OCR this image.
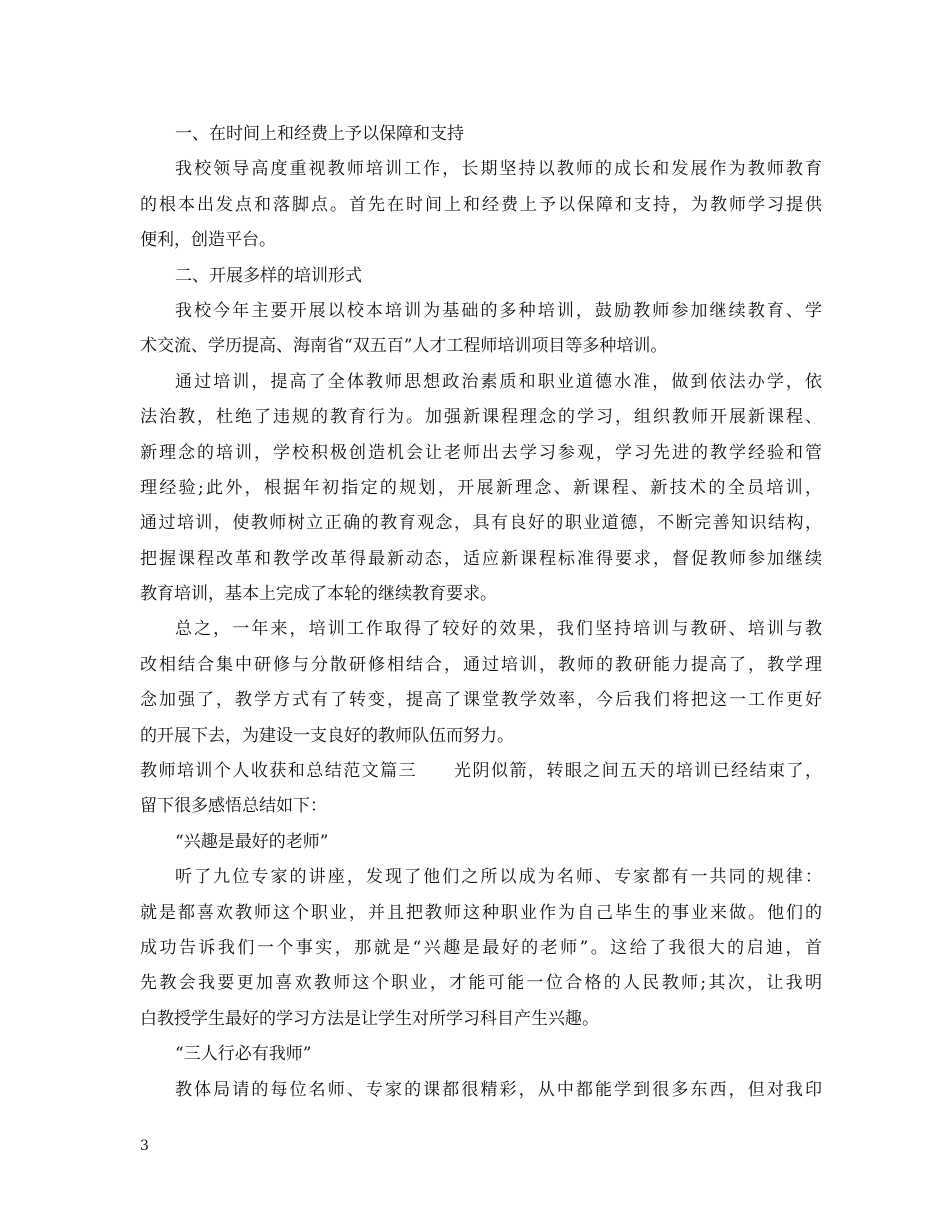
一、在时间上和经费上予以保障和支持
我校领导高度重视教师培训工作，长期坚持以教师的成长和发展作为教师教育
的根本出发点和落脚点。首先在时间上和经费上予以保障和支持，为教师学习提供
便利，创造平台。
二、开展多样的培训形式
我校今年主要开展以校本培训为基础的多种培训，鼓励教师参加继续教育、学
术交流、学历提高、海南省“双五百”人才工程师培训项目等多种培训。
通过培训，提高了全体教师思想政治素质和职业道德水准，做到依法办学，依
法治教，杜绝了违规的教育行为。加强新课程理念的学习，组织教师开展新课程、
新理念的培训，学校积极创造机会让老师出去学习参观，学习先进的教学经验和管
理经验;此外，根据年初指定的规划，开展新理念、新课程、新技术的全员培训，
通过培训，使教师树立正确的教育观念，具有良好的职业道德，不断完善知识结构，
把握课程改革和教学改革得最新动态，适应新课程标准得要求，督促教师参加继续
教育培训，基本上完成了本轮的继续教育要求。
总之，一年来，培训工作取得了较好的效果，我们坚持培训与教研、培训与教
改相结合集中研修与分散研修相结合，通过培训，教师的教研能力提高了，教学理
念加强了，教学方式有了转变，提高了课堂教学效率，今后我们将把这一工作更好
的开展下去，为建设一支良好的教师队伍而努力。
教师培训个人收获和总结范文篇三　　光阴似箭，转眼之间五天的培训已经结束了，
留下很多感悟总结如下：
“兴趣是最好的老师”
听了九位专家的讲座，发现了他们之所以成为名师、专家都有一共同的规律：
就是都喜欢教师这个职业，并且把教师这种职业作为自己毕生的事业来做。他们的
成功告诉我们一个事实，那就是“兴趣是最好的老师”。这给了我很大的启迪，首
先教会我要更加喜欢教师这个职业，才能可能一位合格的人民教师;其次，让我明
白教授学生最好的学习方法是让学生对所学习科目产生兴趣。
“三人行必有我师”
教体局请的每位名师、专家的课都很精彩，从中都能学到很多东西，但对我印
3
